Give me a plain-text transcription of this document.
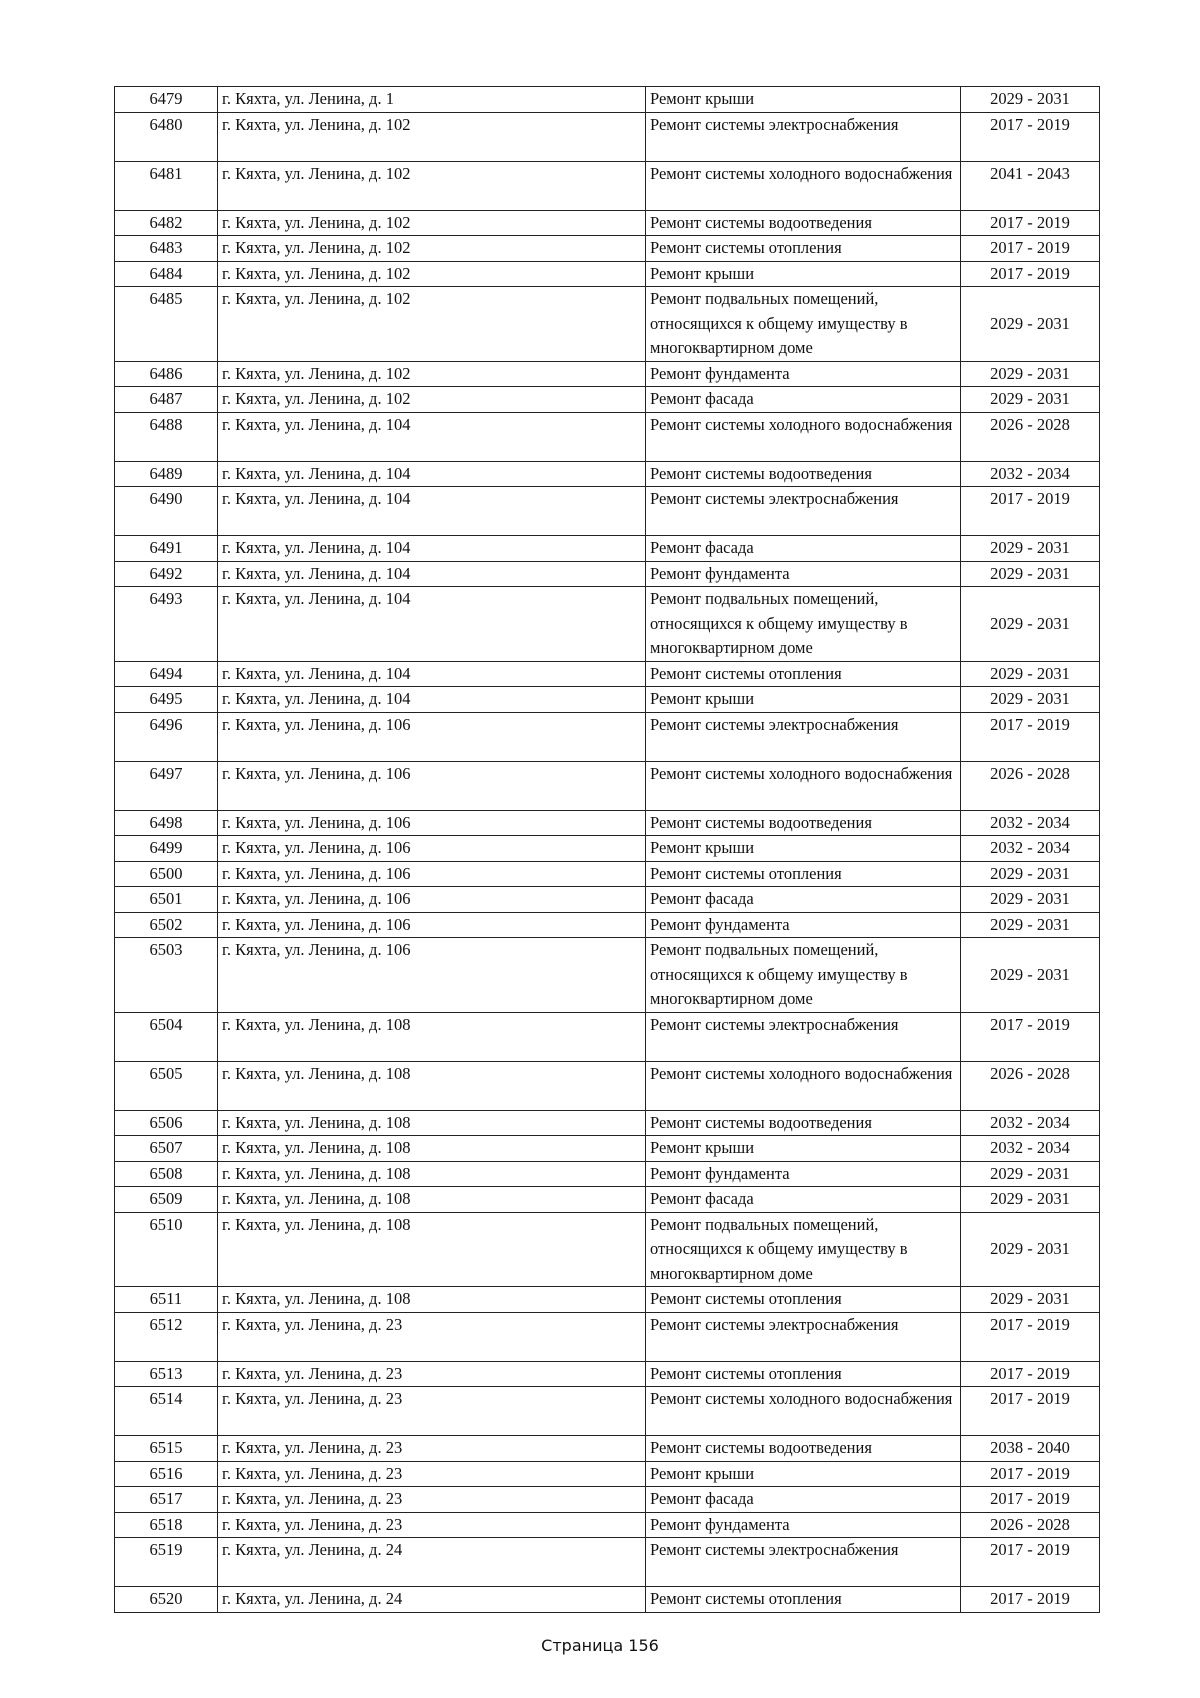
6479	г. Кяхта, ул. Ленина, д. 1	Ремонт крыши	2029 - 2031
6480	г. Кяхта, ул. Ленина, д. 102	Ремонт системы электроснабжения	2017 - 2019
6481	г. Кяхта, ул. Ленина, д. 102	Ремонт системы холодного водоснабжения	2041 - 2043
6482	г. Кяхта, ул. Ленина, д. 102	Ремонт системы водоотведения	2017 - 2019
6483	г. Кяхта, ул. Ленина, д. 102	Ремонт системы отопления	2017 - 2019
6484	г. Кяхта, ул. Ленина, д. 102	Ремонт крыши	2017 - 2019
6485	г. Кяхта, ул. Ленина, д. 102	Ремонт подвальных помещений, относящихся к общему имуществу в многоквартирном доме	2029 - 2031
6486	г. Кяхта, ул. Ленина, д. 102	Ремонт фундамента	2029 - 2031
6487	г. Кяхта, ул. Ленина, д. 102	Ремонт фасада	2029 - 2031
6488	г. Кяхта, ул. Ленина, д. 104	Ремонт системы холодного водоснабжения	2026 - 2028
6489	г. Кяхта, ул. Ленина, д. 104	Ремонт системы водоотведения	2032 - 2034
6490	г. Кяхта, ул. Ленина, д. 104	Ремонт системы электроснабжения	2017 - 2019
6491	г. Кяхта, ул. Ленина, д. 104	Ремонт фасада	2029 - 2031
6492	г. Кяхта, ул. Ленина, д. 104	Ремонт фундамента	2029 - 2031
6493	г. Кяхта, ул. Ленина, д. 104	Ремонт подвальных помещений, относящихся к общему имуществу в многоквартирном доме	2029 - 2031
6494	г. Кяхта, ул. Ленина, д. 104	Ремонт системы отопления	2029 - 2031
6495	г. Кяхта, ул. Ленина, д. 104	Ремонт крыши	2029 - 2031
6496	г. Кяхта, ул. Ленина, д. 106	Ремонт системы электроснабжения	2017 - 2019
6497	г. Кяхта, ул. Ленина, д. 106	Ремонт системы холодного водоснабжения	2026 - 2028
6498	г. Кяхта, ул. Ленина, д. 106	Ремонт системы водоотведения	2032 - 2034
6499	г. Кяхта, ул. Ленина, д. 106	Ремонт крыши	2032 - 2034
6500	г. Кяхта, ул. Ленина, д. 106	Ремонт системы отопления	2029 - 2031
6501	г. Кяхта, ул. Ленина, д. 106	Ремонт фасада	2029 - 2031
6502	г. Кяхта, ул. Ленина, д. 106	Ремонт фундамента	2029 - 2031
6503	г. Кяхта, ул. Ленина, д. 106	Ремонт подвальных помещений, относящихся к общему имуществу в многоквартирном доме	2029 - 2031
6504	г. Кяхта, ул. Ленина, д. 108	Ремонт системы электроснабжения	2017 - 2019
6505	г. Кяхта, ул. Ленина, д. 108	Ремонт системы холодного водоснабжения	2026 - 2028
6506	г. Кяхта, ул. Ленина, д. 108	Ремонт системы водоотведения	2032 - 2034
6507	г. Кяхта, ул. Ленина, д. 108	Ремонт крыши	2032 - 2034
6508	г. Кяхта, ул. Ленина, д. 108	Ремонт фундамента	2029 - 2031
6509	г. Кяхта, ул. Ленина, д. 108	Ремонт фасада	2029 - 2031
6510	г. Кяхта, ул. Ленина, д. 108	Ремонт подвальных помещений, относящихся к общему имуществу в многоквартирном доме	2029 - 2031
6511	г. Кяхта, ул. Ленина, д. 108	Ремонт системы отопления	2029 - 2031
6512	г. Кяхта, ул. Ленина, д. 23	Ремонт системы электроснабжения	2017 - 2019
6513	г. Кяхта, ул. Ленина, д. 23	Ремонт системы отопления	2017 - 2019
6514	г. Кяхта, ул. Ленина, д. 23	Ремонт системы холодного водоснабжения	2017 - 2019
6515	г. Кяхта, ул. Ленина, д. 23	Ремонт системы водоотведения	2038 - 2040
6516	г. Кяхта, ул. Ленина, д. 23	Ремонт крыши	2017 - 2019
6517	г. Кяхта, ул. Ленина, д. 23	Ремонт фасада	2017 - 2019
6518	г. Кяхта, ул. Ленина, д. 23	Ремонт фундамента	2026 - 2028
6519	г. Кяхта, ул. Ленина, д. 24	Ремонт системы электроснабжения	2017 - 2019
6520	г. Кяхта, ул. Ленина, д. 24	Ремонт системы отопления	2017 - 2019
Страница 156
